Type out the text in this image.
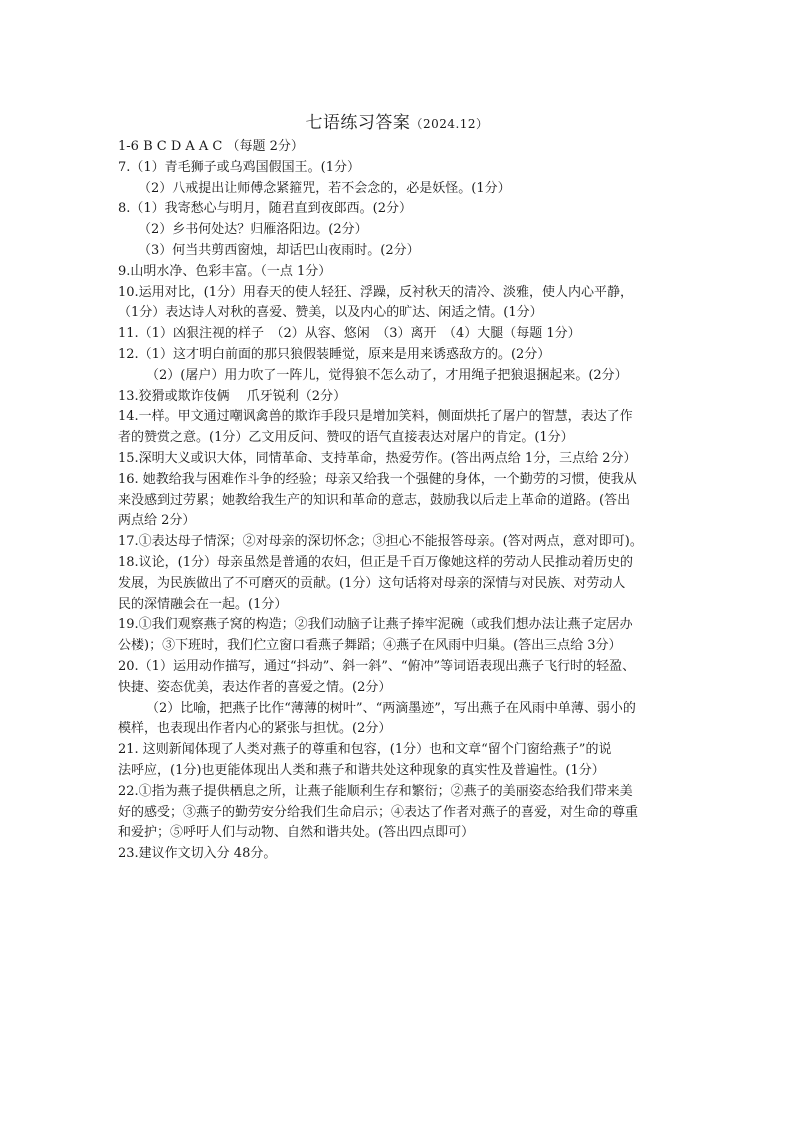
七语练习答案（2024.12）
1-6 B C D A A C （每题 2分）
7.（1）青毛狮子或乌鸡国假国王。(1分）
（2）八戒提出让师傅念紧箍咒，若不会念的，必是妖怪。(1分）
8.（1）我寄愁心与明月，随君直到夜郎西。(2分）
（2）乡书何处达？归雁洛阳边。(2分）
（3）何当共剪西窗烛，却话巴山夜雨时。(2分）
9.山明水净、色彩丰富。（一点 1分）
10.运用对比，(1分）用春天的使人轻狂、浮躁，反衬秋天的清冷、淡雅，使人内心平静，
（1分）表达诗人对秋的喜爱、赞美，以及内心的旷达、闲适之情。(1分）
11.（1）凶狠注视的样子　（2）从容、悠闲　（3）离开　（4）大腿（每题 1分）
12.（1）这才明白前面的那只狼假装睡觉，原来是用来诱惑敌方的。(2分）
（2）(屠户）用力吹了一阵儿，觉得狼不怎么动了，才用绳子把狼退捆起来。(2分）
13.狡猾或欺诈伎俩　 爪牙锐利（2分）
14.一样。甲文通过嘲讽禽兽的欺诈手段只是增加笑料，侧面烘托了屠户的智慧，表达了作
者的赞赏之意。(1分）乙文用反问、赞叹的语气直接表达对屠户的肯定。(1分）
15.深明大义或识大体，同情革命、支持革命，热爱劳作。(答出两点给 1分，三点给 2分）
16. 她教给我与困难作斗争的经验；母亲又给我一个强健的身体，一个勤劳的习惯，使我从
来没感到过劳累；她教给我生产的知识和革命的意志，鼓励我以后走上革命的道路。(答出
两点给 2分）
17.①表达母子情深；②对母亲的深切怀念；③担心不能报答母亲。(答对两点，意对即可)。
18.议论，(1分）母亲虽然是普通的农妇，但正是千百万像她这样的劳动人民推动着历史的
发展，为民族做出了不可磨灭的贡献。(1分）这句话将对母亲的深情与对民族、对劳动人
民的深情融会在一起。(1分）
19.①我们观察燕子窝的构造；②我们动脑子让燕子捧牢泥碗（或我们想办法让燕子定居办
公楼)；③下班时，我们伫立窗口看燕子舞蹈；④燕子在风雨中归巢。(答出三点给 3分）
20.（1）运用动作描写，通过“抖动”、斜一斜”、“俯冲”等词语表现出燕子飞行时的轻盈、
快捷、姿态优美，表达作者的喜爱之情。(2分）
（2）比喻，把燕子比作“薄薄的树叶”、“两滴墨迹”，写出燕子在风雨中单薄、弱小的
模样，也表现出作者内心的紧张与担忧。(2分）
21. 这则新闻体现了人类对燕子的尊重和包容，(1分）也和文章“留个门窗给燕子”的说
法呼应，(1分)也更能体现出人类和燕子和谐共处这种现象的真实性及普遍性。(1分）
22.①指为燕子提供栖息之所，让燕子能顺利生存和繁衍；②燕子的美丽姿态给我们带来美
好的感受；③燕子的勤劳安分给我们生命启示；④表达了作者对燕子的喜爱，对生命的尊重
和爱护；⑤呼吁人们与动物、自然和谐共处。(答出四点即可）
23.建议作文切入分 48分。
